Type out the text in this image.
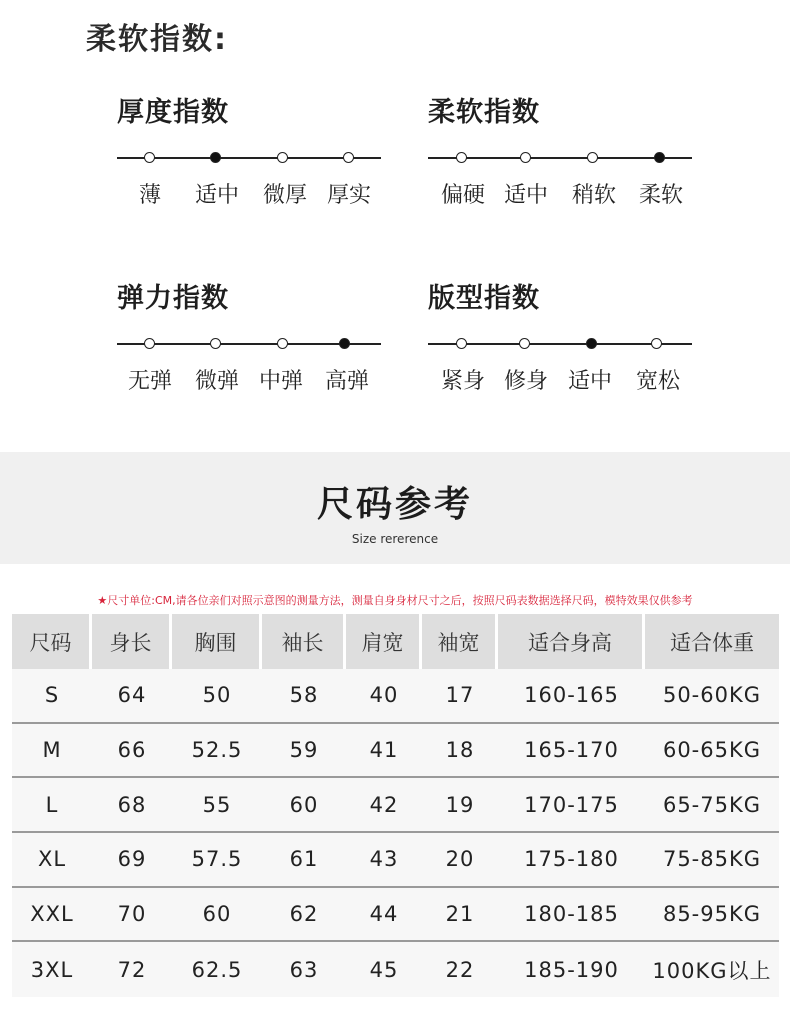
柔软指数:
厚度指数
薄 适中 微厚 厚实
柔软指数
偏硬 适中 稍软 柔软
弹力指数
无弹 微弹 中弹 高弹
版型指数
紧身 修身 适中 宽松
尺码参考
Size rererence
★尺寸单位:CM,请各位亲们对照示意图的测量方法，测量自身身材尺寸之后，按照尺码表数据选择尺码，模特效果仅供参考
尺码	身长	胸围	袖长	肩宽	袖宽	适合身高	适合体重
S	64	50	58	40	17	160-165	50-60KG
M	66	52.5	59	41	18	165-170	60-65KG
L	68	55	60	42	19	170-175	65-75KG
XL	69	57.5	61	43	20	175-180	75-85KG
XXL	70	60	62	44	21	180-185	85-95KG
3XL	72	62.5	63	45	22	185-190	100KG以上
